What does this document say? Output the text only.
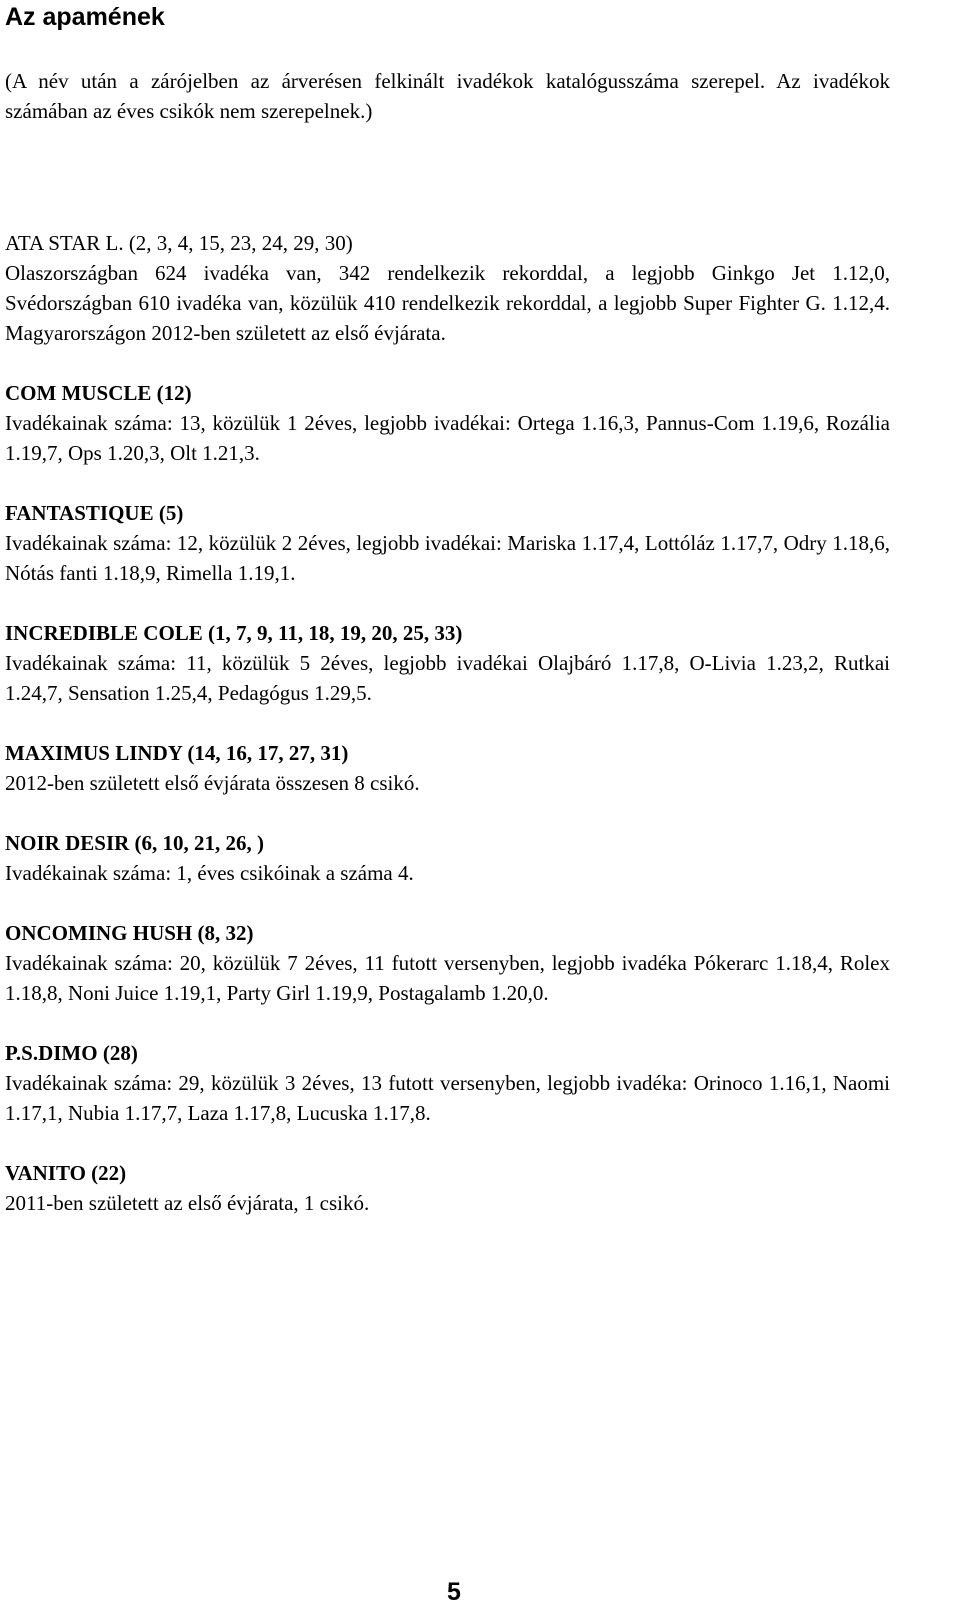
Az apamének

(A név után a zárójelben az árverésen felkinált ivadékok katalógusszáma szerepel. Az ivadékok számában az éves csikók nem szerepelnek.)

ATA STAR L. (2, 3, 4, 15, 23, 24, 29, 30)

Olaszországban 624 ivadéka van, 342 rendelkezik rekorddal, a legjobb Ginkgo Jet 1.12,0, Svédországban 610 ivadéka van, közülük 410 rendelkezik rekorddal, a legjobb Super Fighter G. 1.12,4. Magyarországon 2012-ben született az első évjárata.

COM MUSCLE (12)

Ivadékainak száma: 13, közülük 1 2éves, legjobb ivadékai: Ortega 1.16,3, Pannus-Com 1.19,6, Rozália 1.19,7, Ops 1.20,3, Olt 1.21,3.

FANTASTIQUE (5)

Ivadékainak száma: 12, közülük 2 2éves, legjobb ivadékai: Mariska 1.17,4, Lottóláz 1.17,7, Odry 1.18,6, Nótás fanti 1.18,9, Rimella 1.19,1.

INCREDIBLE COLE (1, 7, 9, 11, 18, 19, 20, 25, 33)

Ivadékainak száma: 11, közülük 5 2éves, legjobb ivadékai Olajbáró 1.17,8, O-Livia 1.23,2, Rutkai 1.24,7, Sensation 1.25,4, Pedagógus 1.29,5.

MAXIMUS LINDY (14, 16, 17, 27, 31)

2012-ben született első évjárata összesen 8 csikó.

NOIR DESIR (6, 10, 21, 26, )

Ivadékainak száma: 1, éves csikóinak a száma 4.

ONCOMING HUSH (8, 32)

Ivadékainak száma: 20, közülük 7 2éves, 11 futott versenyben, legjobb ivadéka Pókerarc 1.18,4, Rolex 1.18,8, Noni Juice 1.19,1, Party Girl 1.19,9, Postagalamb 1.20,0.

P.S.DIMO (28)

Ivadékainak száma: 29, közülük 3 2éves, 13 futott versenyben, legjobb ivadéka: Orinoco 1.16,1, Naomi 1.17,1, Nubia 1.17,7, Laza 1.17,8, Lucuska 1.17,8.

VANITO (22)

2011-ben született az első évjárata, 1 csikó.

5
